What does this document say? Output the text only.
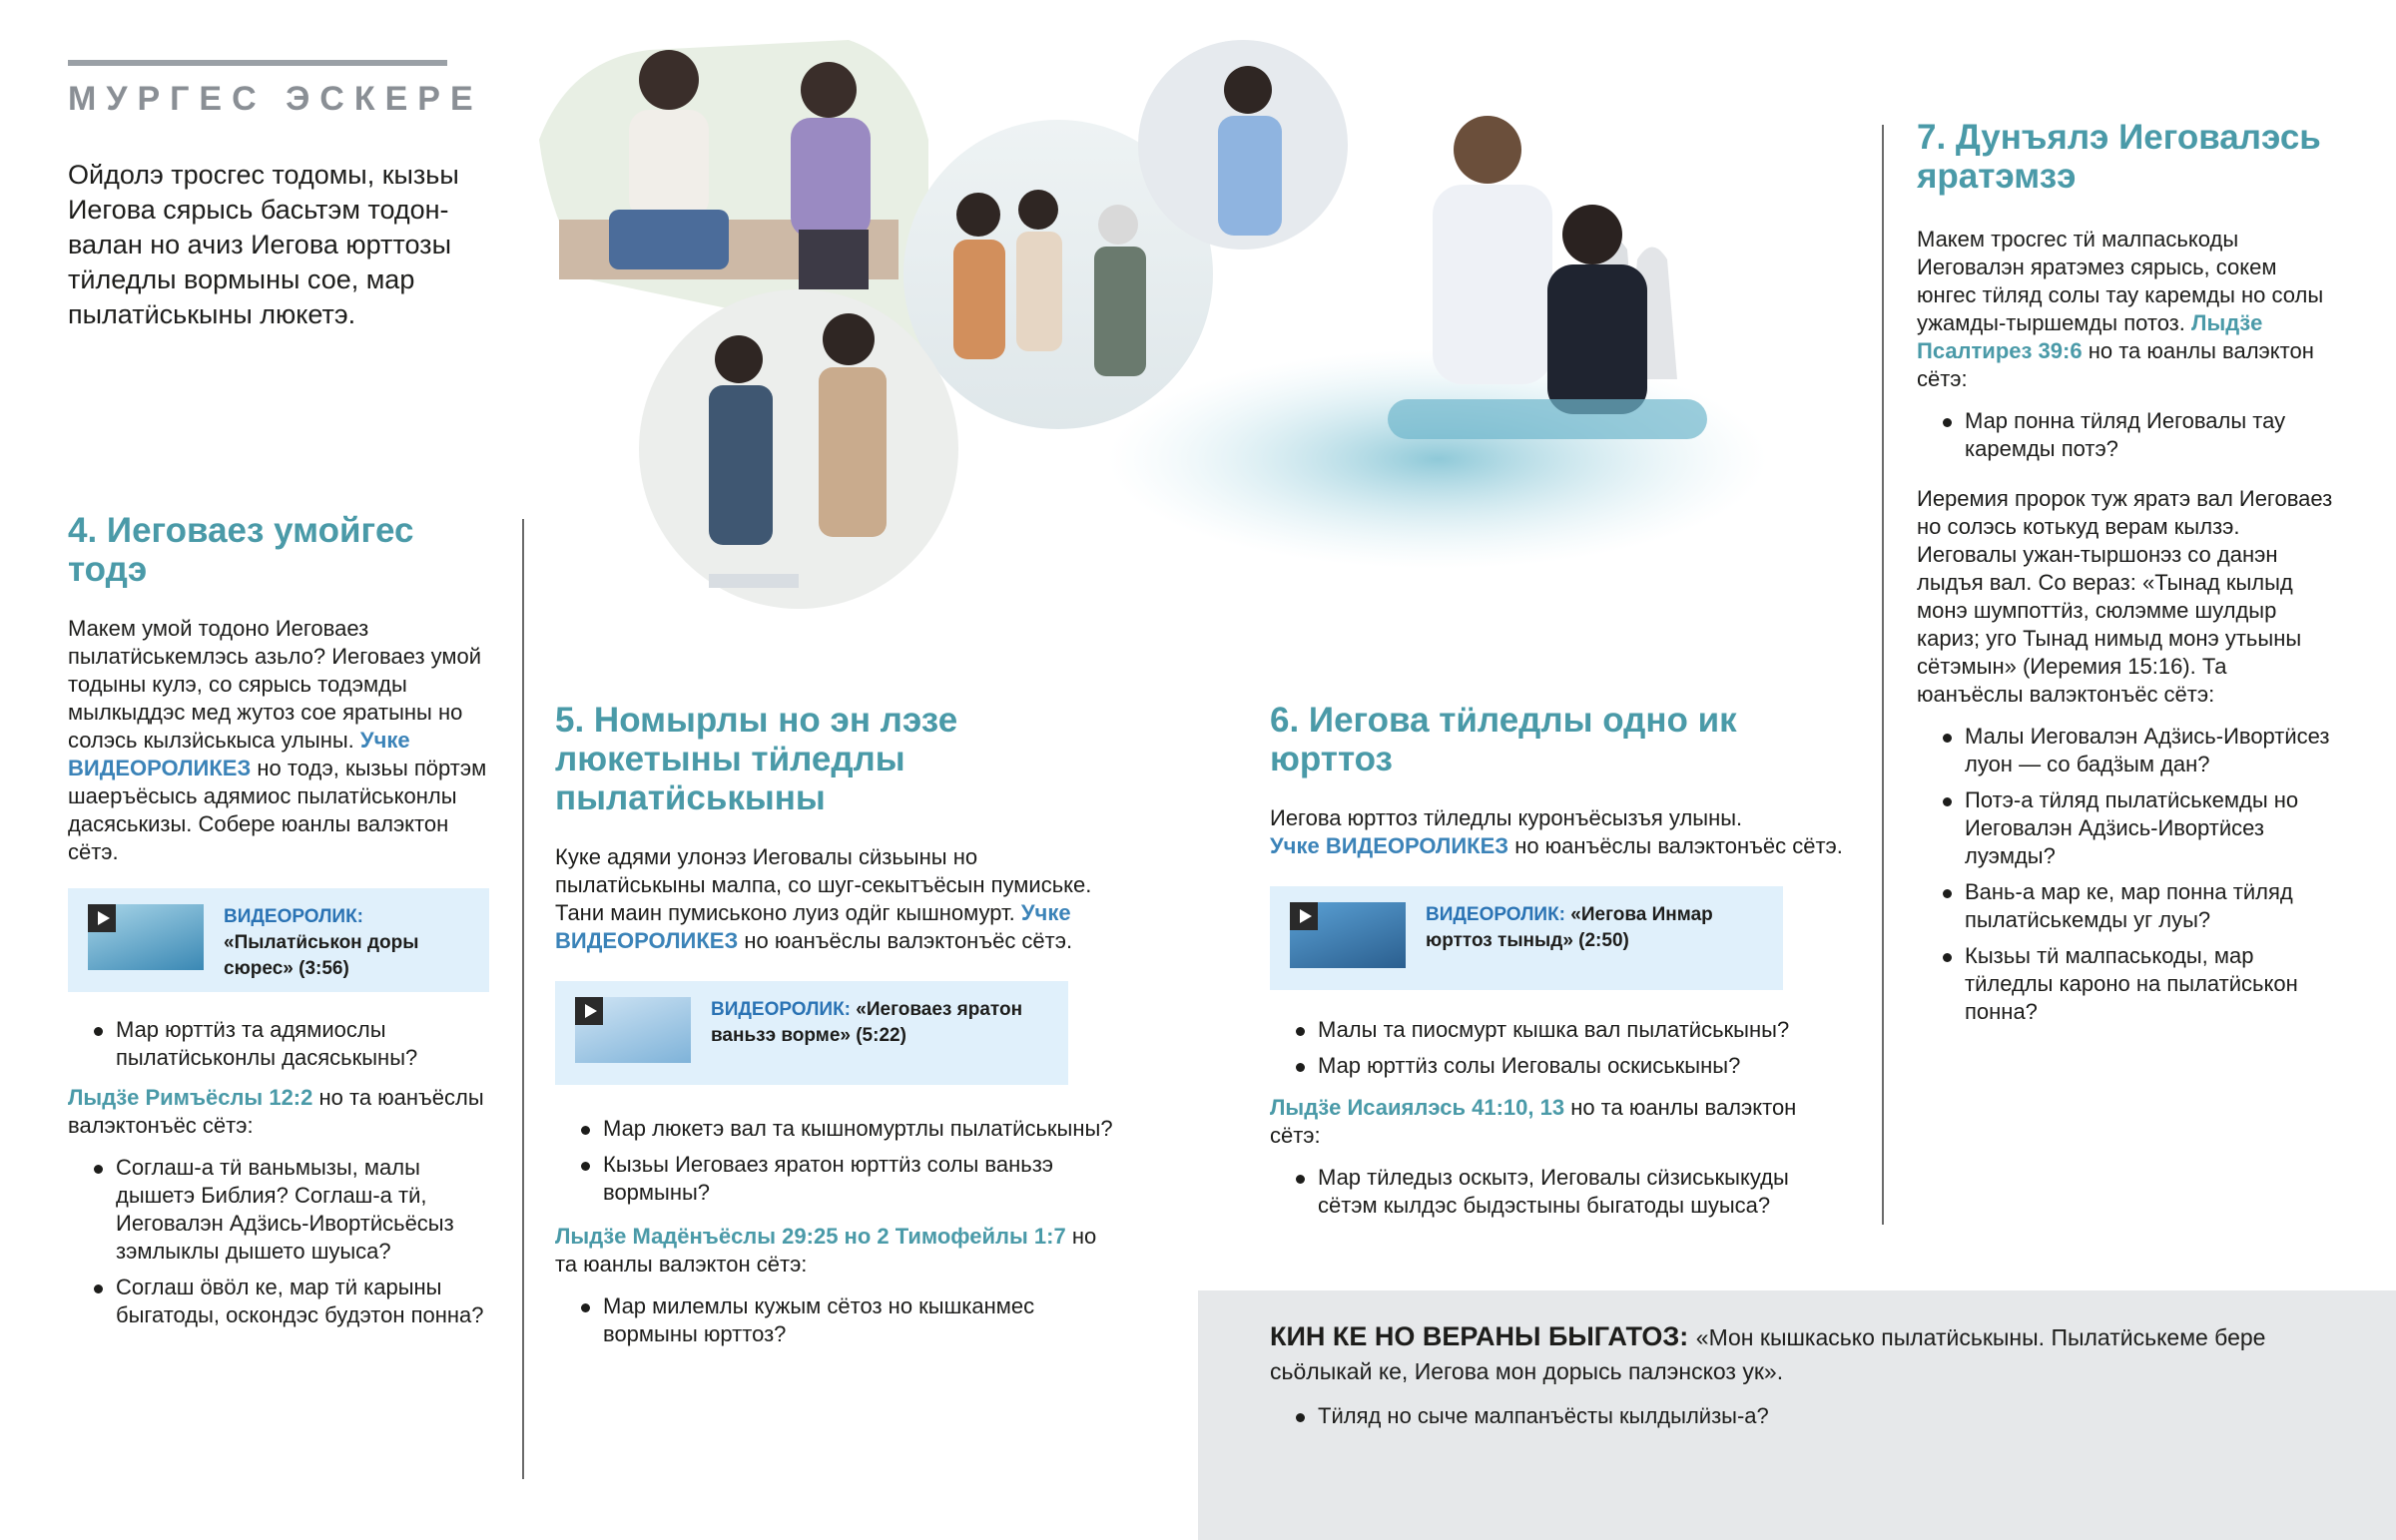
МУРГЕС ЭСКЕРЕ
Ойдолэ тросгес тодомы, кызьы Иегова сярысь басьтэм тодон-валан но ачиз Иегова юрттозы тӥледлы вормыны сое, мар пылатӥськыны люкетэ.
4. Иеговаез умойгес тодэ
Макем умой тодоно Иеговаез пылатӥськемлэсь азьло? Иеговаез умой тодыны кулэ, со сярысь тодэмды мылкыддэс мед жутоз сое яратыны но солэсь кылзӥськыса улыны. Учке ВИДЕОРОЛИКЕЗ но тодэ, кызьы пӧртэм шаеръёсысь адямиос пылатӥськонлы дасяськизы. Собере юанлы валэктон сётэ.
ВИДЕОРОЛИК:
«Пылатӥськон доры сюрес» (3:56)
Мар юрттӥз та адямиослы пылатӥськонлы дасяськыны?
Лыдӟе Римъёслы 12:2 но та юанъёслы валэктонъёс сётэ:
Соглаш-а тӥ ваньмызы, малы дышетэ Библия? Соглаш-а тӥ, Иеговалэн Адӟись-Ивортӥсьёсыз зэмлыклы дышето шуыса?
Соглаш ӧвӧл ке, мар тӥ карыны быгатоды, оскондэс будэтон понна?
5. Номырлы но эн лэзе люкетыны тӥледлы пылатӥськыны
Куке адями улонэз Иеговалы сӥзьыны но пылатӥськыны малпа, со шуг-секытъёсын пумиське. Тани маин пумиськоно луиз одӥг кышномурт. Учке ВИДЕОРОЛИКЕЗ но юанъёслы валэктонъёс сётэ.
ВИДЕОРОЛИК: «Иеговаез яратон ваньзэ ворме» (5:22)
Мар люкетэ вал та кышномуртлы пылатӥськыны?
Кызьы Иеговаез яратон юрттӥз солы ваньзэ вормыны?
Лыдӟе Мадёнъёслы 29:25 но 2 Тимофейлы 1:7 но та юанлы валэктон сётэ:
Мар милемлы кужым сётоз но кышканмес вормыны юрттоз?
6. Иегова тӥледлы одно ик юрттоз
Иегова юрттоз тӥледлы куронъёсызъя улыны.
Учке ВИДЕОРОЛИКЕЗ но юанъёслы валэктонъёс сётэ.
ВИДЕОРОЛИК: «Иегова Инмар юрттоз тыныд» (2:50)
Малы та пиосмурт кышка вал пылатӥськыны?
Мар юрттӥз солы Иеговалы оскиськыны?
Лыдӟе Исаиялэсь 41:10, 13 но та юанлы валэктон сётэ:
Мар тӥледыз оскытэ, Иеговалы сӥзиськыкуды сётэм кылдэс быдэстыны быгатоды шуыса?
7. Дунъялэ Иеговалэсь яратэмзэ
Макем тросгес тӥ малпаськоды Иеговалэн яратэмез сярысь, сокем юнгес тӥляд солы тау каремды но солы ужамды-тыршемды потоз. Лыдӟе Псалтирез 39:6 но та юанлы валэктон сётэ:
Мар понна тӥляд Иеговалы тау каремды потэ?
Иеремия пророк туж яратэ вал Иеговаез но солэсь котькуд верам кылзэ. Иеговалы ужан-тыршонэз со данэн лыдъя вал. Со вераз: «Тынад кылыд монэ шумпоттӥз, сюлэмме шулдыр кариз; уго Тынад нимыд монэ утьыны сётэмын» (Иеремия 15:16). Та юанъёслы валэктонъёс сётэ:
Малы Иеговалэн Адӟись-Ивортӥсез луон — со бадӟым дан?
Потэ-а тӥляд пылатӥськемды но Иеговалэн Адӟись-Ивортӥсез луэмды?
Вань-а мар ке, мар понна тӥляд пылатӥськемды уг луы?
Кызьы тӥ малпаськоды, мар тӥледлы кароно на пылатӥськон понна?
КИН КЕ НО ВЕРАНЫ БЫГАТОЗ: «Мон кышкасько пылатӥськыны. Пылатӥськеме бере сьӧлыкай ке, Иегова мон дорысь палэнскоз ук».
Тӥляд но сыче малпанъёсты кылдылӥзы-а?
